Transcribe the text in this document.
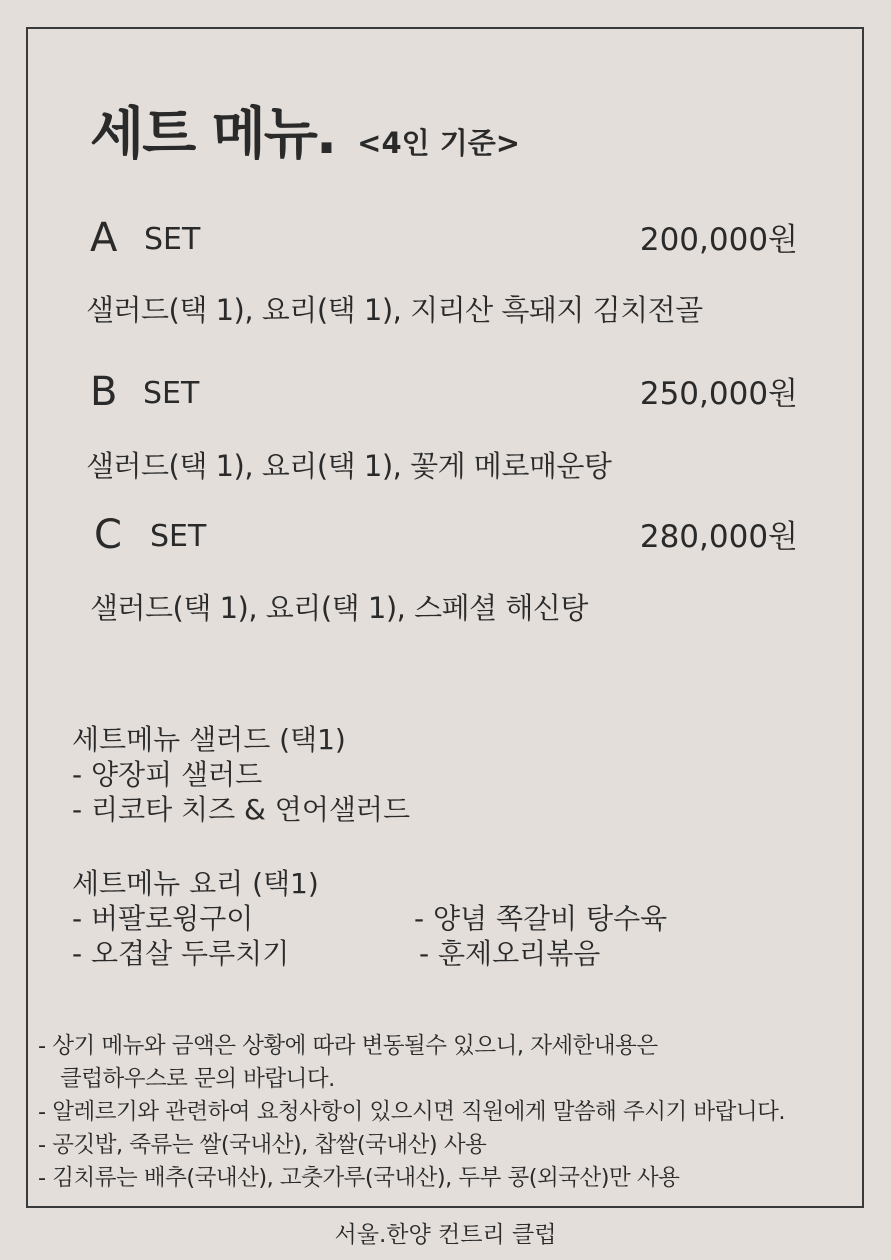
세트 메뉴. <4인 기준>
A SET	200,000원
샐러드(택 1), 요리(택 1), 지리산 흑돼지 김치전골
B SET	250,000원
샐러드(택 1), 요리(택 1), 꽃게 메로매운탕
C SET	280,000원
샐러드(택 1), 요리(택 1), 스페셜 해신탕
세트메뉴 샐러드 (택1)
- 양장피 샐러드
- 리코타 치즈 & 연어샐러드
세트메뉴 요리 (택1)
- 버팔로윙구이	- 양념 쪽갈비 탕수육
- 오겹살 두루치기	- 훈제오리볶음
- 상기 메뉴와 금액은 상황에 따라 변동될수 있으니, 자세한내용은
클럽하우스로 문의 바랍니다.
- 알레르기와 관련하여 요청사항이 있으시면 직원에게 말씀해 주시기 바랍니다.
- 공깃밥, 죽류는 쌀(국내산), 찹쌀(국내산) 사용
- 김치류는 배추(국내산), 고춧가루(국내산), 두부 콩(외국산)만 사용
서울.한양 컨트리 클럽
